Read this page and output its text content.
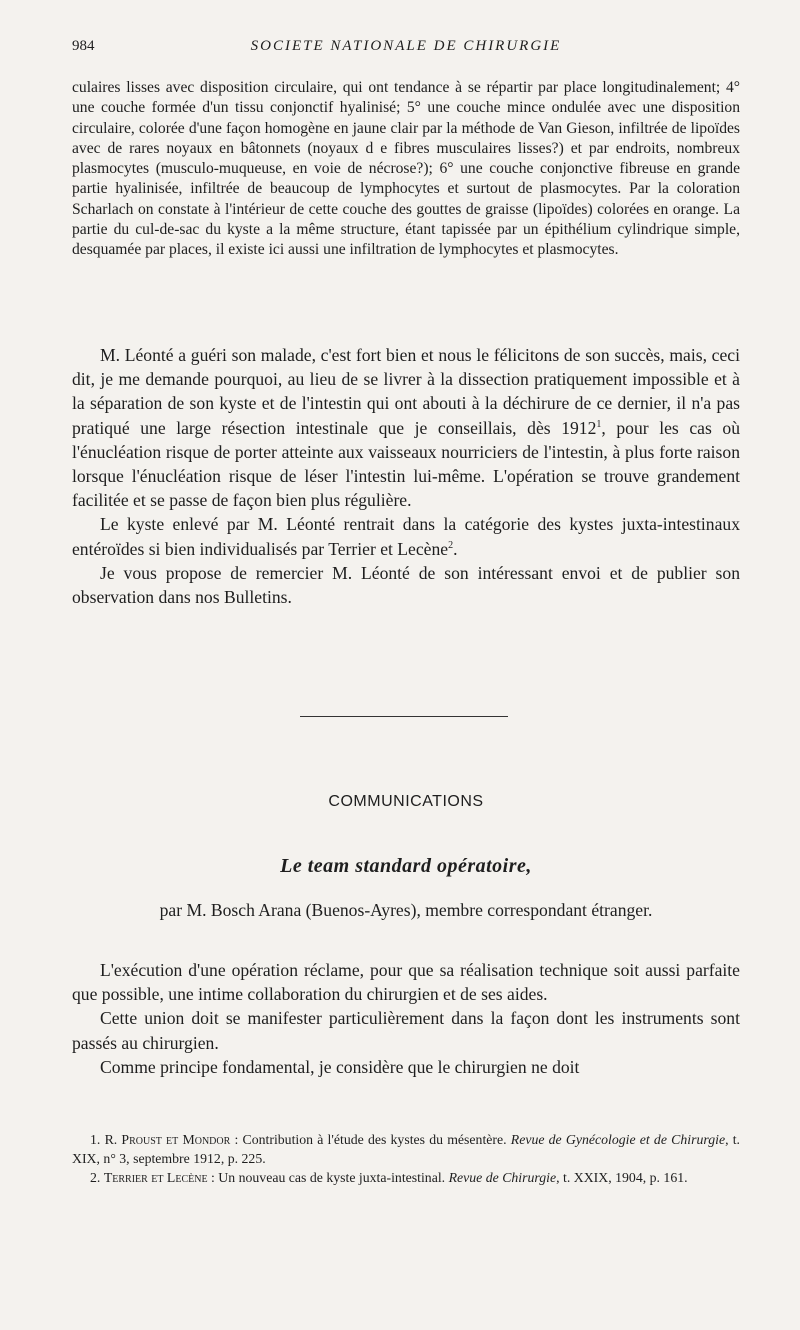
984	SOCIETE NATIONALE DE CHIRURGIE

culaires lisses avec disposition circulaire, qui ont tendance à se répartir par place longitudinalement; 4° une couche formée d'un tissu conjonctif hyalinisé; 5° une couche mince ondulée avec une disposition circulaire, colorée d'une façon homogène en jaune clair par la méthode de Van Gieson, infiltrée de lipoïdes avec de rares noyaux en bâtonnets (noyaux d e fibres musculaires lisses?) et par endroits, nombreux plasmocytes (musculo-muqueuse, en voie de nécrose?); 6° une couche conjonctive fibreuse en grande partie hyalinisée, infiltrée de beaucoup de lymphocytes et surtout de plasmocytes. Par la coloration Scharlach on constate à l'intérieur de cette couche des gouttes de graisse (lipoïdes) colorées en orange. La partie du cul-de-sac du kyste a la même structure, étant tapissée par un épithélium cylindrique simple, desquamée par places, il existe ici aussi une infiltration de lymphocytes et plasmocytes.

M. Léonté a guéri son malade, c'est fort bien et nous le félicitons de son succès, mais, ceci dit, je me demande pourquoi, au lieu de se livrer à la dissection pratiquement impossible et à la séparation de son kyste et de l'intestin qui ont abouti à la déchirure de ce dernier, il n'a pas pratiqué une large résection intestinale que je conseillais, dès 1912$^1$, pour les cas où l'énucléation risque de porter atteinte aux vaisseaux nourriciers de l'intestin, à plus forte raison lorsque l'énucléation risque de léser l'intestin lui-même. L'opération se trouve grandement facilitée et se passe de façon bien plus régulière.

Le kyste enlevé par M. Léonté rentrait dans la catégorie des kystes juxta-intestinaux entéroïdes si bien individualisés par Terrier et Lecène$^2$.

Je vous propose de remercier M. Léonté de son intéressant envoi et de publier son observation dans nos Bulletins.

COMMUNICATIONS
Le team standard opératoire,
par M. Bosch Arana (Buenos-Ayres), membre correspondant étranger.

L'exécution d'une opération réclame, pour que sa réalisation technique soit aussi parfaite que possible, une intime collaboration du chirurgien et de ses aides.

Cette union doit se manifester particulièrement dans la façon dont les instruments sont passés au chirurgien.

Comme principe fondamental, je considère que le chirurgien ne doit

1. R. Proust et Mondor : Contribution à l'étude des kystes du mésentère. Revue de Gynécologie et de Chirurgie, t. XIX, n° 3, septembre 1912, p. 225.

2. Terrier et Lecène : Un nouveau cas de kyste juxta-intestinal. Revue de Chirurgie, t. XXIX, 1904, p. 161.
